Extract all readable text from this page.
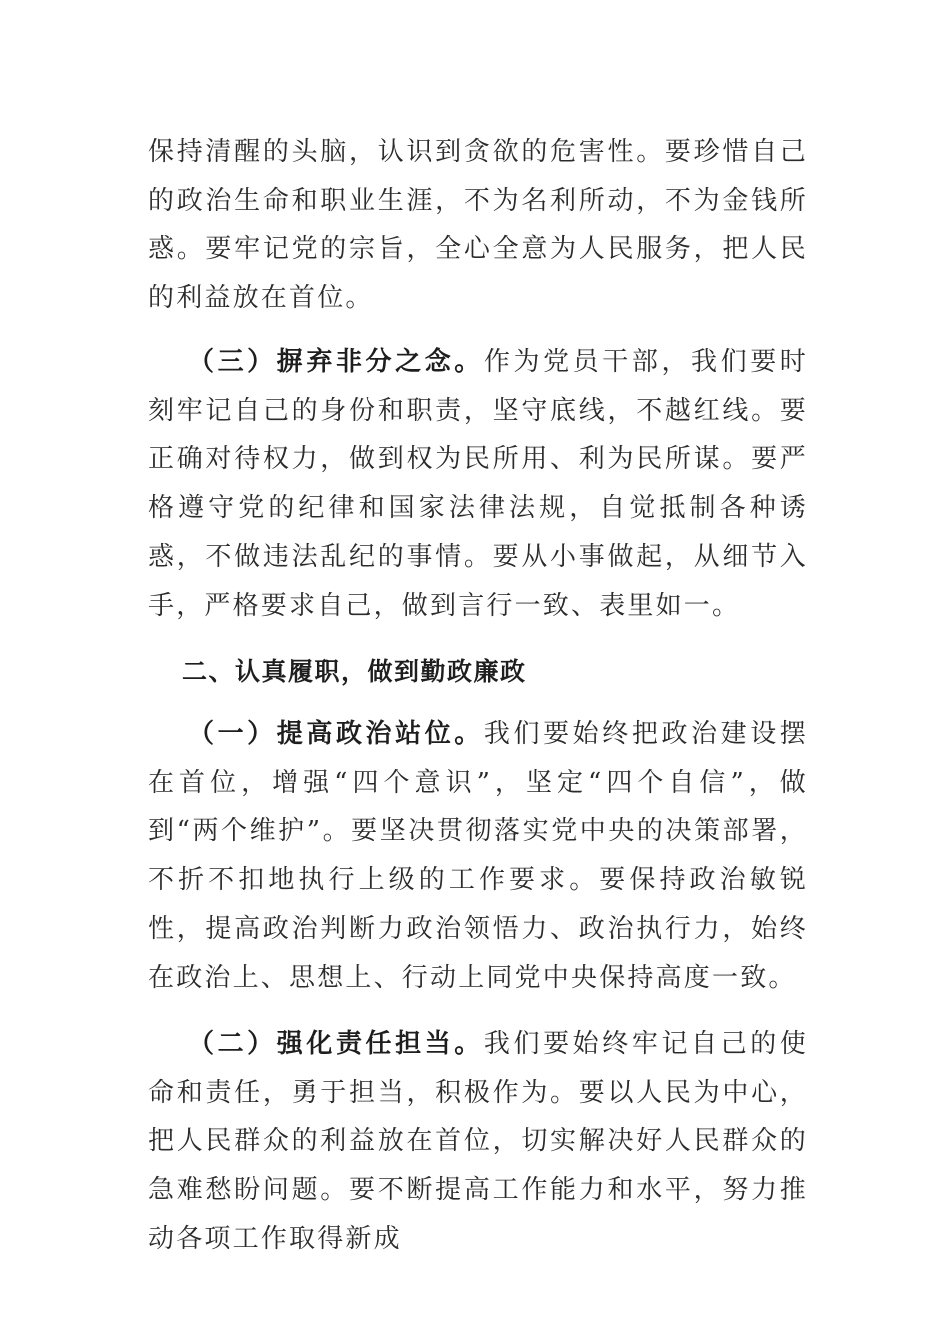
保持清醒的头脑，认识到贪欲的危害性。要珍惜自己的政治生命和职业生涯，不为名利所动，不为金钱所惑。要牢记党的宗旨，全心全意为人民服务，把人民的利益放在首位。

（三）摒弃非分之念。作为党员干部，我们要时刻牢记自己的身份和职责，坚守底线，不越红线。要正确对待权力，做到权为民所用、利为民所谋。要严格遵守党的纪律和国家法律法规，自觉抵制各种诱惑，不做违法乱纪的事情。要从小事做起，从细节入手，严格要求自己，做到言行一致、表里如一。

二、认真履职，做到勤政廉政

（一）提高政治站位。我们要始终把政治建设摆在首位，增强“四个意识”，坚定“四个自信”，做到“两个维护”。要坚决贯彻落实党中央的决策部署，不折不扣地执行上级的工作要求。要保持政治敏锐性，提高政治判断力政治领悟力、政治执行力，始终在政治上、思想上、行动上同党中央保持高度一致。

（二）强化责任担当。我们要始终牢记自己的使命和责任，勇于担当，积极作为。要以人民为中心，把人民群众的利益放在首位，切实解决好人民群众的急难愁盼问题。要不断提高工作能力和水平，努力推动各项工作取得新成
